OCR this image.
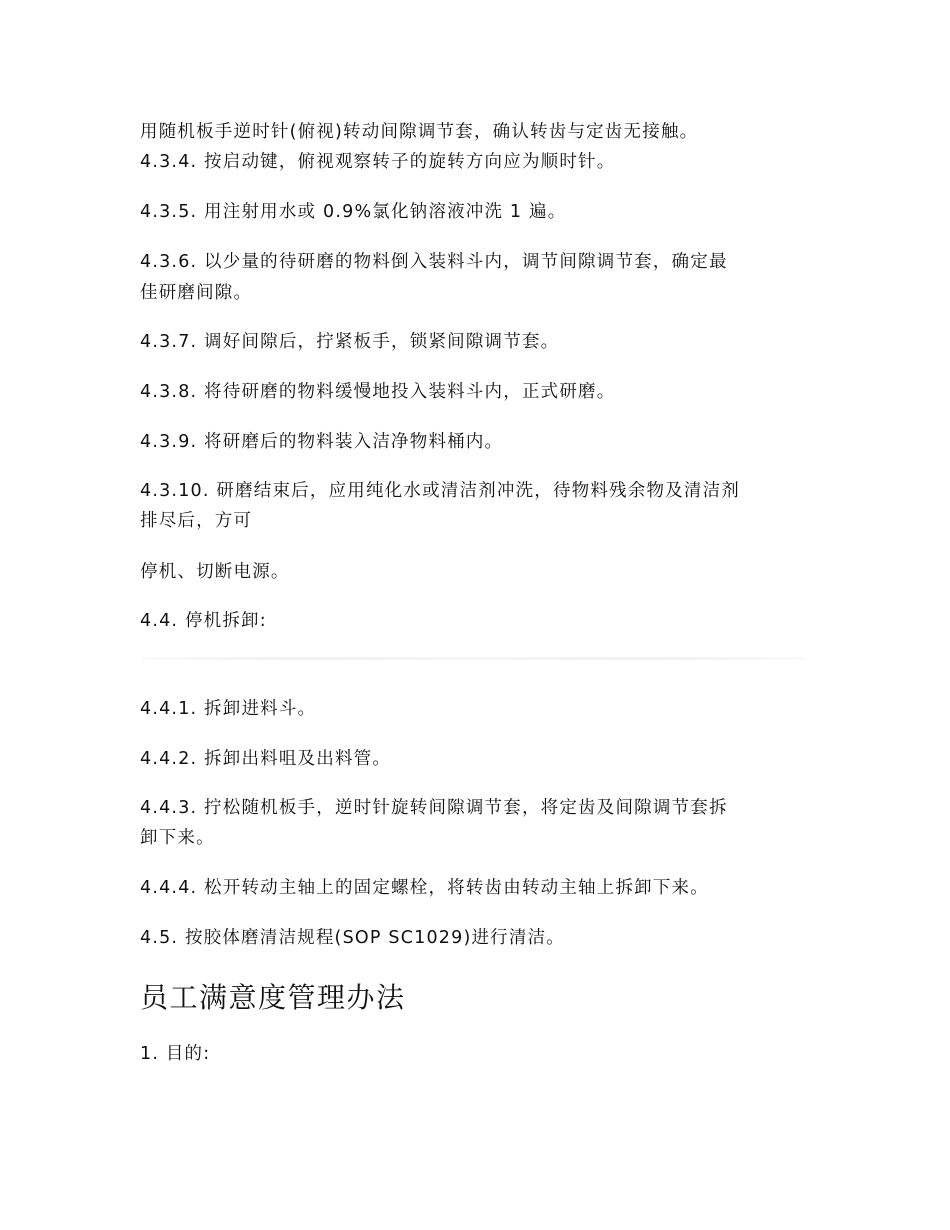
用随机板手逆时针(俯视)转动间隙调节套，确认转齿与定齿无接触。
4.3.4. 按启动键，俯视观察转子的旋转方向应为顺时针。
4.3.5. 用注射用水或 0.9%氯化钠溶液冲洗 1 遍。
4.3.6. 以少量的待研磨的物料倒入装料斗内，调节间隙调节套，确定最
佳研磨间隙。
4.3.7. 调好间隙后，拧紧板手，锁紧间隙调节套。
4.3.8. 将待研磨的物料缓慢地投入装料斗内，正式研磨。
4.3.9. 将研磨后的物料装入洁净物料桶内。
4.3.10. 研磨结束后，应用纯化水或清洁剂冲洗，待物料残余物及清洁剂
排尽后，方可
停机、切断电源。
4.4. 停机拆卸:
4.4.1. 拆卸进料斗。
4.4.2. 拆卸出料咀及出料管。
4.4.3. 拧松随机板手，逆时针旋转间隙调节套，将定齿及间隙调节套拆
卸下来。
4.4.4. 松开转动主轴上的固定螺栓，将转齿由转动主轴上拆卸下来。
4.5. 按胶体磨清洁规程(SOP SC1029)进行清洁。
员工满意度管理办法
1. 目的:
